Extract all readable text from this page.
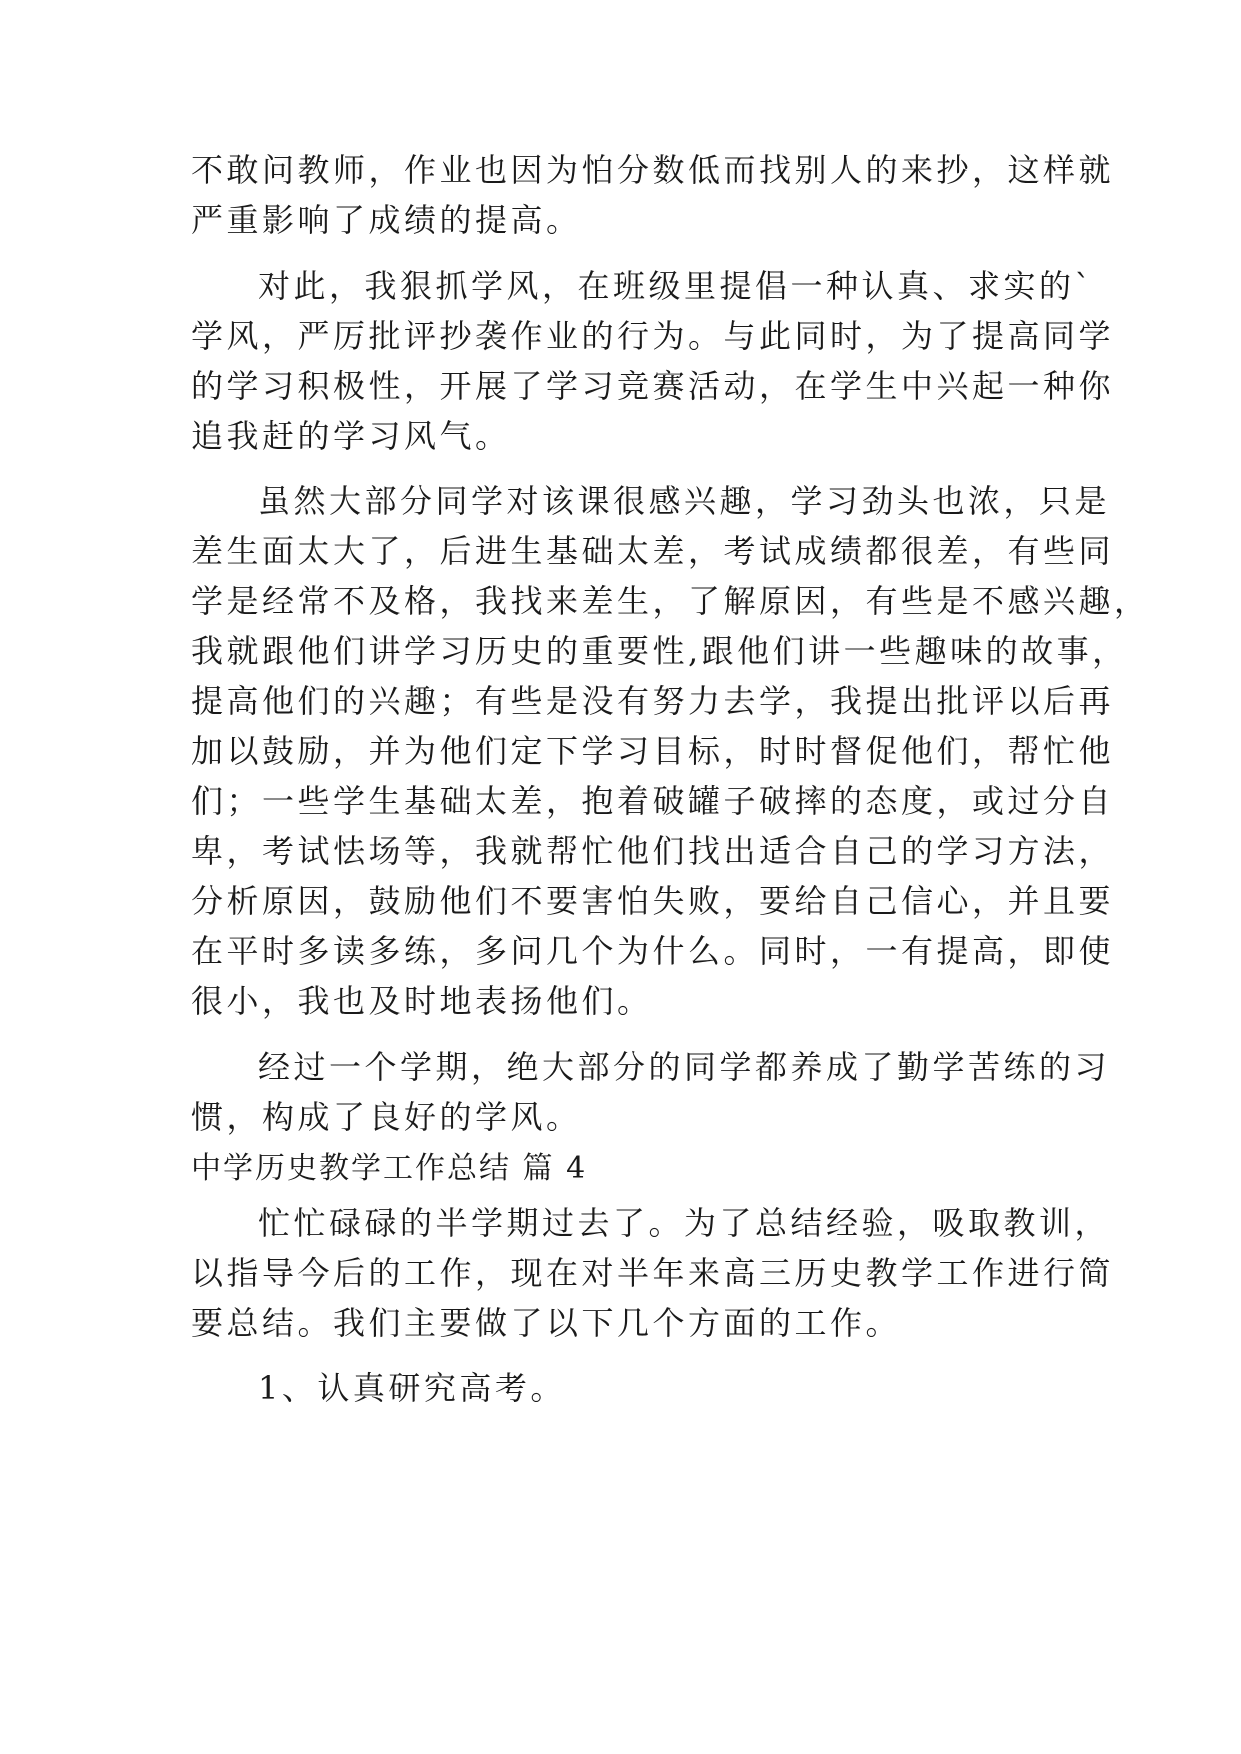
不敢问教师，作业也因为怕分数低而找别人的来抄，这样就
严重影响了成绩的提高。
对此，我狠抓学风，在班级里提倡一种认真、求实的`
学风，严厉批评抄袭作业的行为。与此同时，为了提高同学
的学习积极性，开展了学习竞赛活动，在学生中兴起一种你
追我赶的学习风气。
虽然大部分同学对该课很感兴趣，学习劲头也浓，只是
差生面太大了，后进生基础太差，考试成绩都很差，有些同
学是经常不及格，我找来差生，了解原因，有些是不感兴趣，
我就跟他们讲学习历史的重要性,跟他们讲一些趣味的故事，
提高他们的兴趣；有些是没有努力去学，我提出批评以后再
加以鼓励，并为他们定下学习目标，时时督促他们，帮忙他
们；一些学生基础太差，抱着破罐子破摔的态度，或过分自
卑，考试怯场等，我就帮忙他们找出适合自己的学习方法，
分析原因，鼓励他们不要害怕失败，要给自己信心，并且要
在平时多读多练，多问几个为什么。同时，一有提高，即使
很小，我也及时地表扬他们。
经过一个学期，绝大部分的同学都养成了勤学苦练的习
惯，构成了良好的学风。
中学历史教学工作总结 篇 4
忙忙碌碌的半学期过去了。为了总结经验，吸取教训，
以指导今后的工作，现在对半年来高三历史教学工作进行简
要总结。我们主要做了以下几个方面的工作。
1、认真研究高考。
